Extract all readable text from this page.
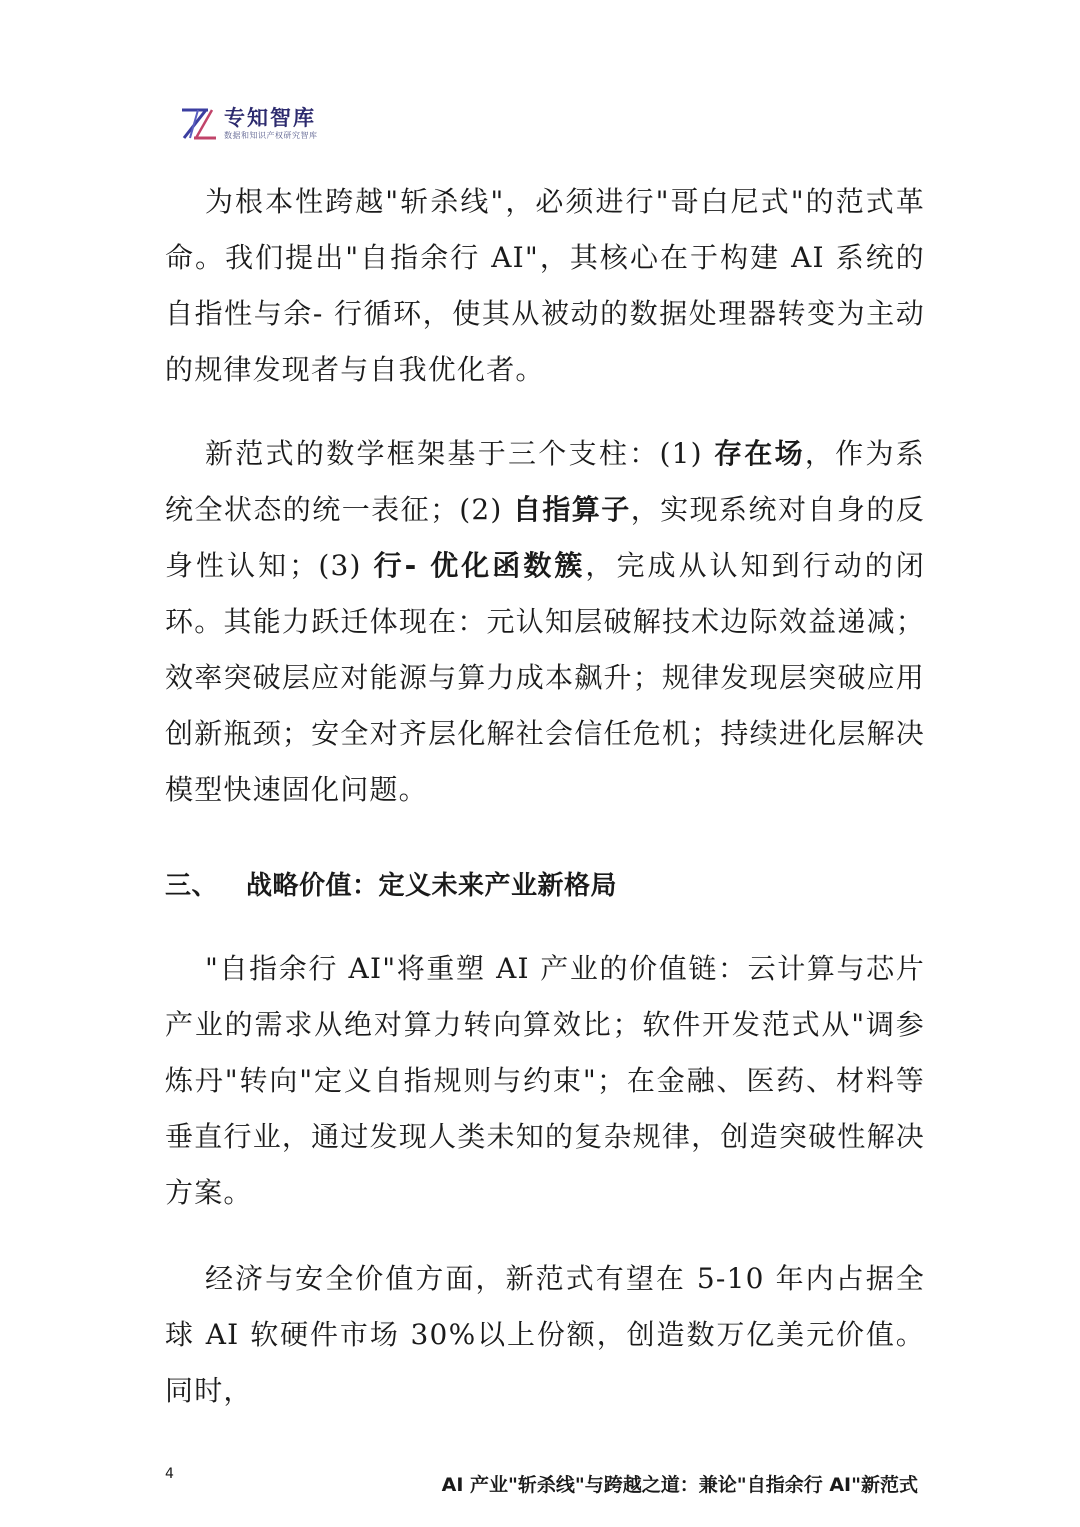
专知智库
数据和知识产权研究智库

为根本性跨越"斩杀线"，必须进行"哥白尼式"的范式革命。我们提出"自指余行 AI"，其核心在于构建 AI 系统的自指性与余- 行循环，使其从被动的数据处理器转变为主动的规律发现者与自我优化者。

新范式的数学框架基于三个支柱：(1) 存在场，作为系统全状态的统一表征；(2) 自指算子，实现系统对自身的反身性认知；(3) 行- 优化函数簇，完成从认知到行动的闭环。其能力跃迁体现在：元认知层破解技术边际效益递减；效率突破层应对能源与算力成本飙升；规律发现层突破应用创新瓶颈；安全对齐层化解社会信任危机；持续进化层解决模型快速固化问题。

三、 战略价值：定义未来产业新格局

"自指余行 AI"将重塑 AI 产业的价值链：云计算与芯片产业的需求从绝对算力转向算效比；软件开发范式从"调参炼丹"转向"定义自指规则与约束"；在金融、医药、材料等垂直行业，通过发现人类未知的复杂规律，创造突破性解决方案。

经济与安全价值方面，新范式有望在 5-10 年内占据全球 AI 软硬件市场 30%以上份额，创造数万亿美元价值。同时，

4	AI 产业"斩杀线"与跨越之道：兼论"自指余行 AI"新范式
